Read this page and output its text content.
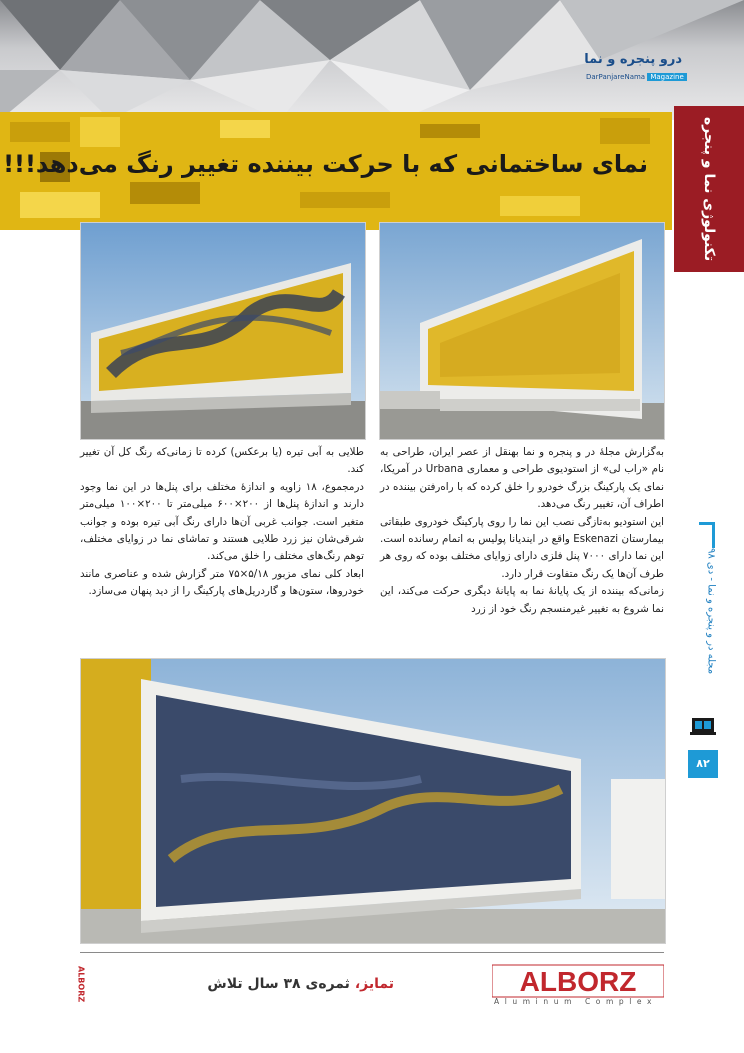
درو پنجره و نما
DarPanjareNama Magazine
نمای ساختمانی که با حرکت بیننده تغییر رنگ می‌دهد!!!	تکنولوژی نما و پنجره

به‌گزارش مجلهٔ در و پنجره و نما بهنقل از عصر ایران، طراحی به نام «راب لی» از استودیوی طراحی و معماری Urbana در آمریکا، نمای یک پارکینگ بزرگ خودرو را خلق کرده که با راه‌رفتن بیننده در اطراف آن، تغییر رنگ می‌دهد.

این استودیو به‌تازگی نصب این نما را روی پارکینگ خودروی طبقاتی بیمارستان Eskenazi واقع در ایندیانا پولیس به اتمام رسانده است. این نما دارای ۷۰۰۰ پنل فلزی دارای زوایای مختلف بوده که روی هر طرف آن‌ها یک رنگ متفاوت قرار دارد.

زمانی‌که بیننده از یک پایانهٔ نما به پایانهٔ دیگری حرکت می‌کند، این نما شروع به تغییر غیرمنسجم رنگ خود از زرد

طلایی به آبی تیره (یا برعکس) کرده تا زمانی‌که رنگ کل آن تغییر کند.

درمجموع، ۱۸ زاویه و اندازهٔ مختلف برای پنل‌ها در این نما وجود دارند و اندازهٔ پنل‌ها از ۲۰۰×۶۰۰ میلی‌متر تا ۲۰۰×۱۰۰ میلی‌متر متغیر است. جوانب غربی آن‌ها دارای رنگ آبی تیره بوده و جوانب شرقی‌شان نیز زرد طلایی هستند و تماشای نما در زوایای مختلف، توهم رنگ‌های مختلف را خلق می‌کند.

ابعاد کلی نمای مزبور ۵/۱۸×۷۵ متر گزارش شده و عناصری مانند خودروها، ستون‌ها و گاردریل‌های پارکینگ را از دید پنهان می‌سازد.

مجله در و پنجره و نما - دی ۹۸
۸۲
ALBORZ	تمایز، ثمره‌ی ۳۸ سال تلاش	ALBORZ
Aluminum Complex
